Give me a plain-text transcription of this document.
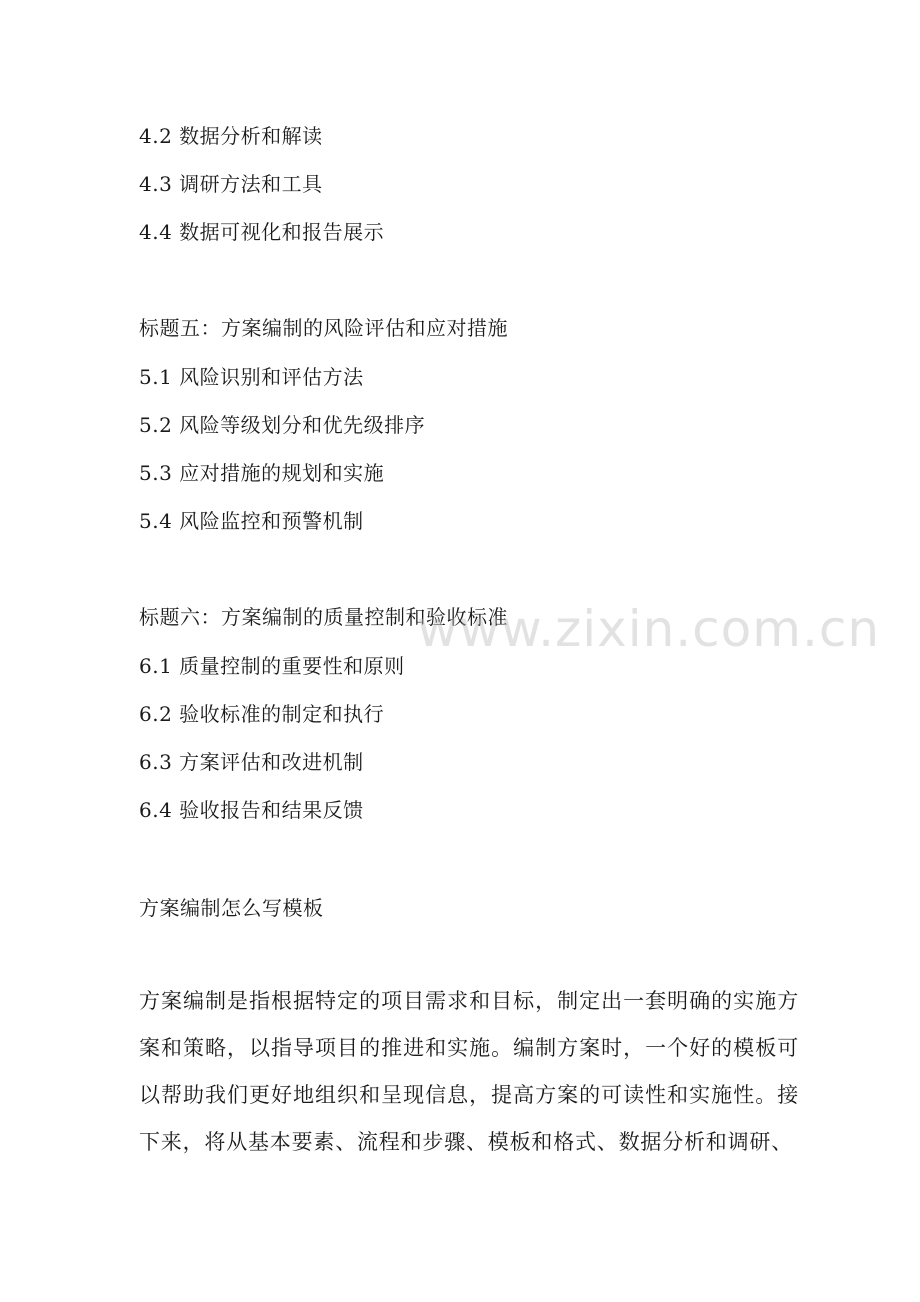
4.2 数据分析和解读
4.3 调研方法和工具
4.4 数据可视化和报告展示
标题五：方案编制的风险评估和应对措施
5.1 风险识别和评估方法
5.2 风险等级划分和优先级排序
5.3 应对措施的规划和实施
5.4 风险监控和预警机制
标题六：方案编制的质量控制和验收标准
6.1 质量控制的重要性和原则
6.2 验收标准的制定和执行
6.3 方案评估和改进机制
6.4 验收报告和结果反馈
方案编制怎么写模板

方案编制是指根据特定的项目需求和目标，制定出一套明确的实施方案和策略，以指导项目的推进和实施。编制方案时，一个好的模板可以帮助我们更好地组织和呈现信息，提高方案的可读性和实施性。接下来，将从基本要素、流程和步骤、模板和格式、数据分析和调研、

www.zixin.com.cn
